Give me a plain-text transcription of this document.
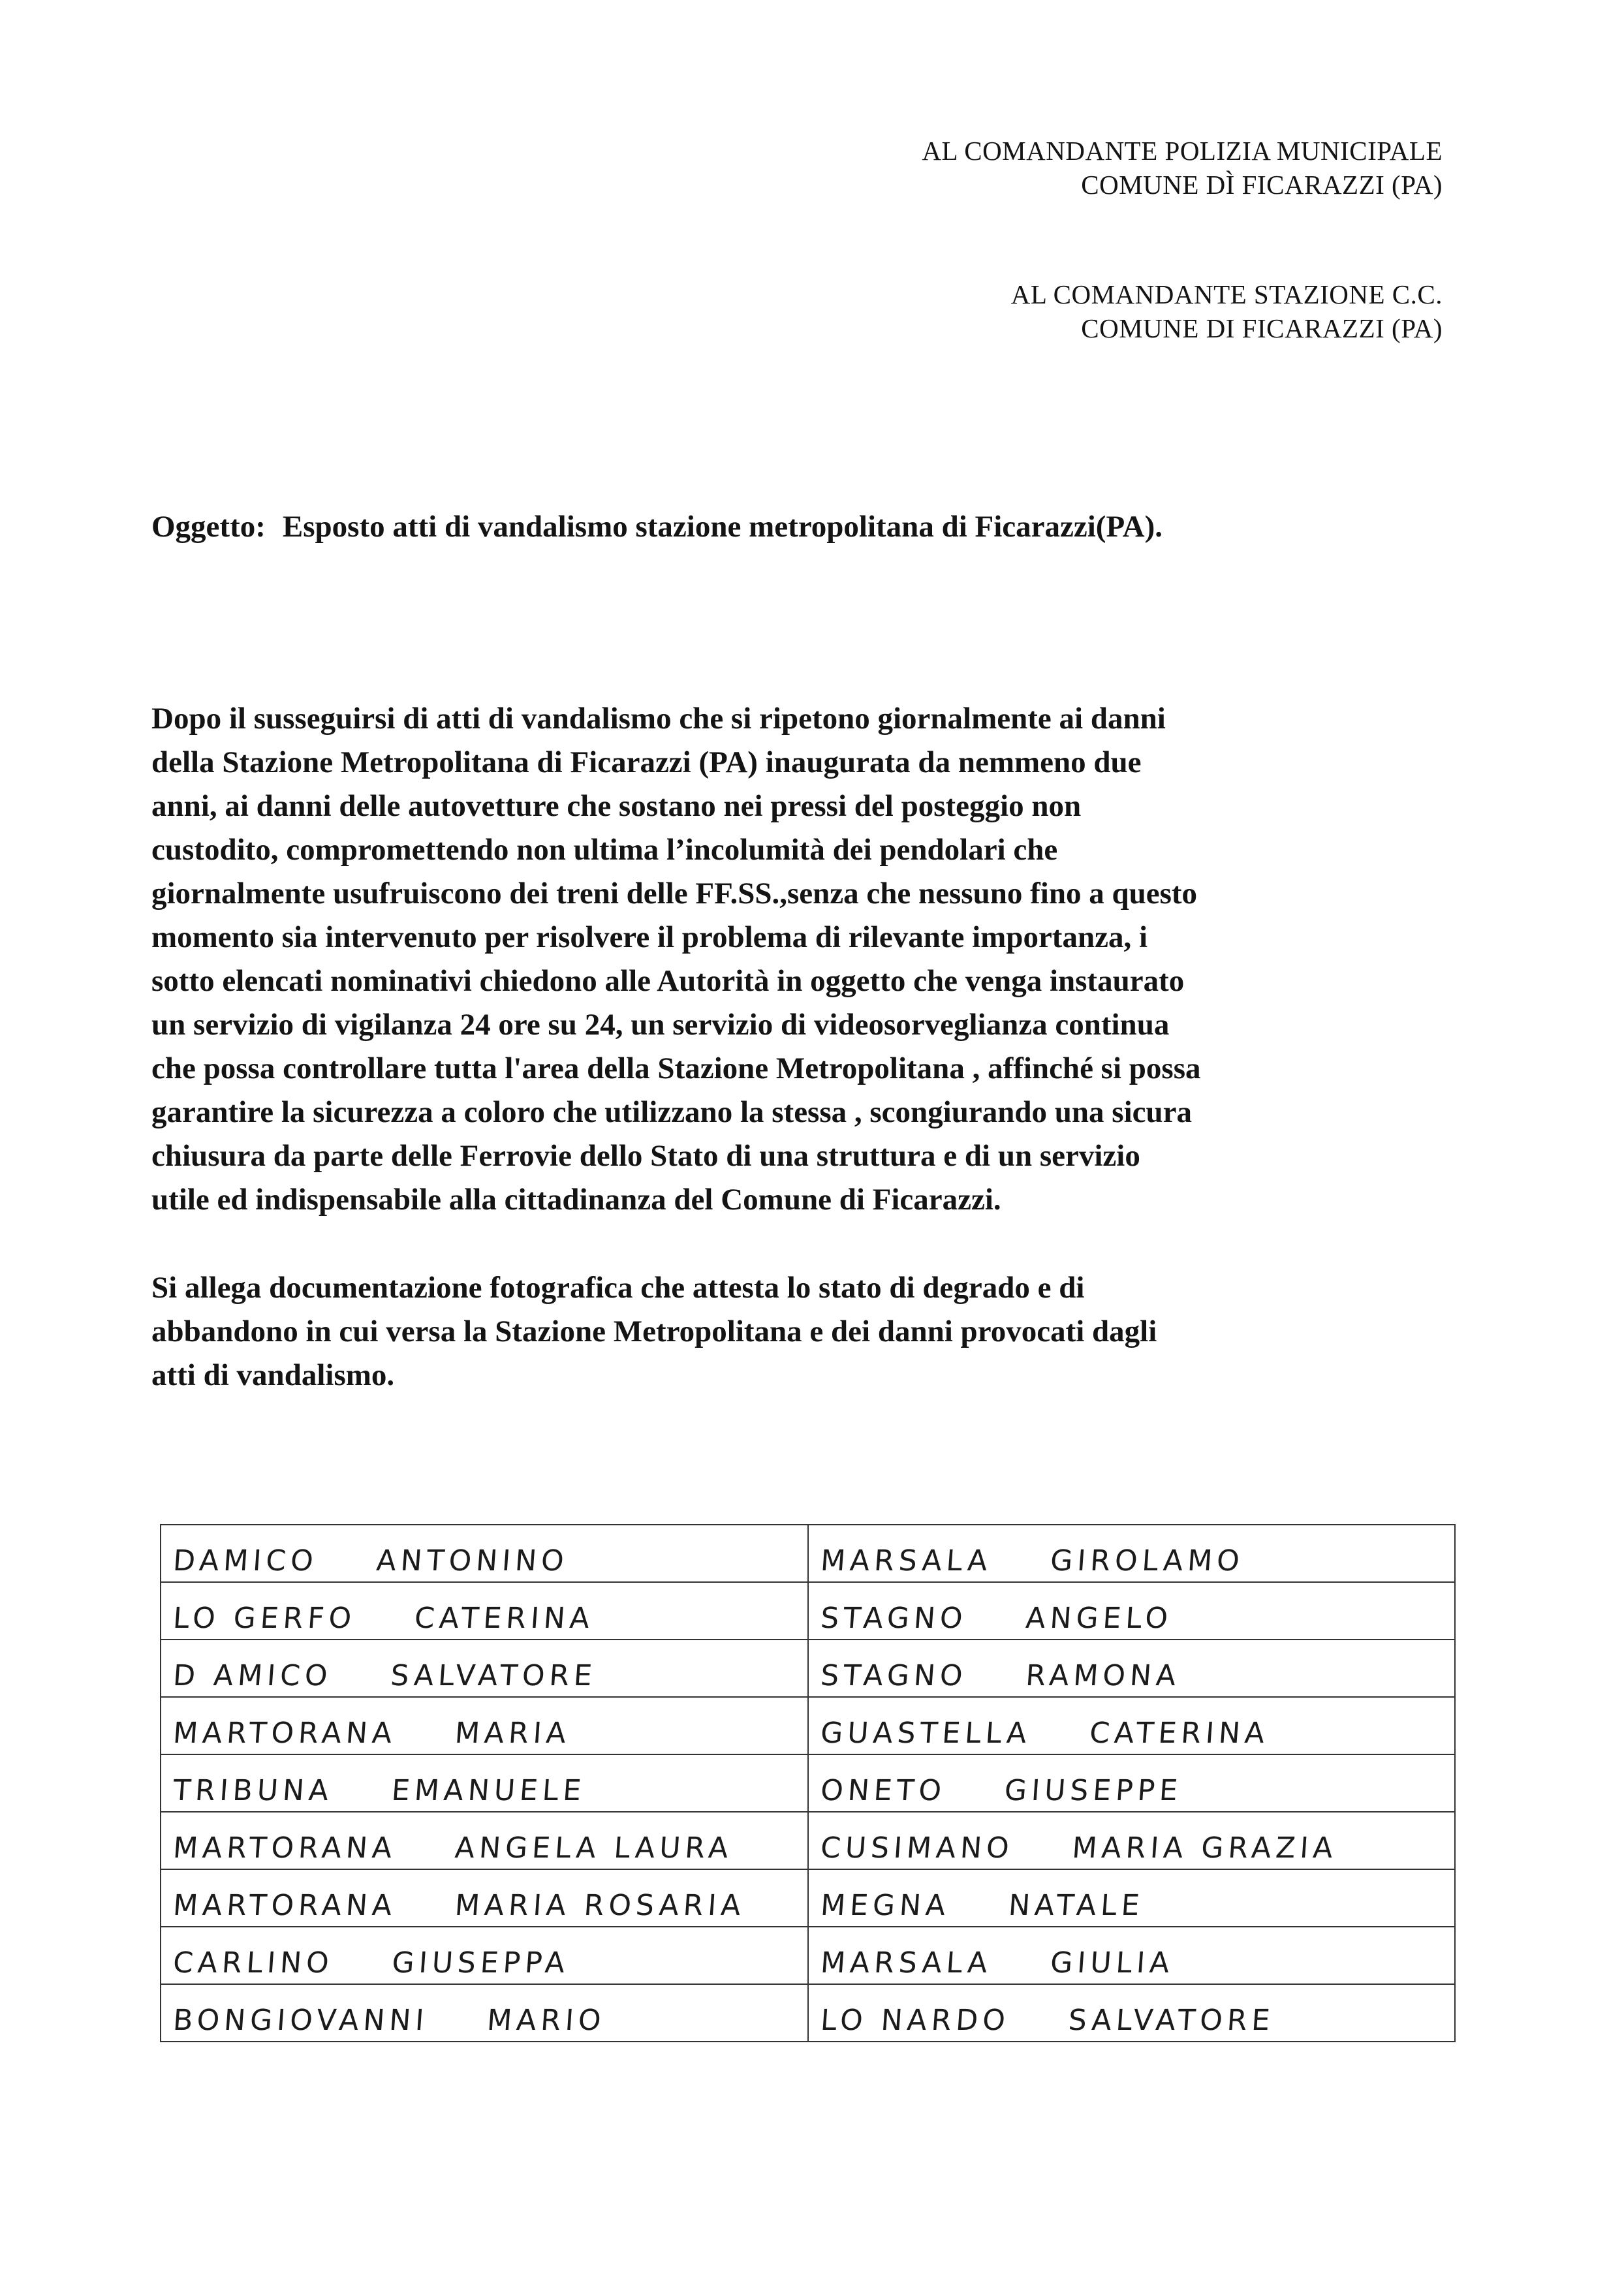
AL COMANDANTE POLIZIA MUNICIPALE
COMUNE DÌ FICARAZZI (PA)
AL COMANDANTE STAZIONE C.C.
COMUNE DI FICARAZZI (PA)
Oggetto: Esposto atti di vandalismo stazione metropolitana di Ficarazzi(PA).
Dopo il susseguirsi di atti di vandalismo che si ripetono giornalmente ai danni
della Stazione Metropolitana di Ficarazzi (PA) inaugurata da nemmeno due
anni, ai danni delle autovetture che sostano nei pressi del posteggio non
custodito, compromettendo non ultima l’incolumità dei pendolari che
giornalmente usufruiscono dei treni delle FF.SS.,senza che nessuno fino a questo
momento sia intervenuto per risolvere il problema di rilevante importanza, i
sotto elencati nominativi chiedono alle Autorità in oggetto che venga instaurato
un servizio di vigilanza 24 ore su 24, un servizio di videosorveglianza continua
che possa controllare tutta l'area della Stazione Metropolitana , affinché si possa
garantire la sicurezza a coloro che utilizzano la stessa , scongiurando una sicura
chiusura da parte delle Ferrovie dello Stato di una struttura e di un servizio
utile ed indispensabile alla cittadinanza del Comune di Ficarazzi.
Si allega documentazione fotografica che attesta lo stato di degrado e di
abbandono in cui versa la Stazione Metropolitana e dei danni provocati dagli
atti di vandalismo.
DAMICO ANTONINO	MARSALA GIROLAMO
LO GERFO CATERINA	STAGNO ANGELO
D AMICO SALVATORE	STAGNO RAMONA
MARTORANA MARIA	GUASTELLA CATERINA
TRIBUNA EMANUELE	ONETO GIUSEPPE
MARTORANA ANGELA LAURA	CUSIMANO MARIA GRAZIA
MARTORANA MARIA ROSARIA	MEGNA NATALE
CARLINO GIUSEPPA	MARSALA GIULIA
BONGIOVANNI MARIO	LO NARDO SALVATORE
